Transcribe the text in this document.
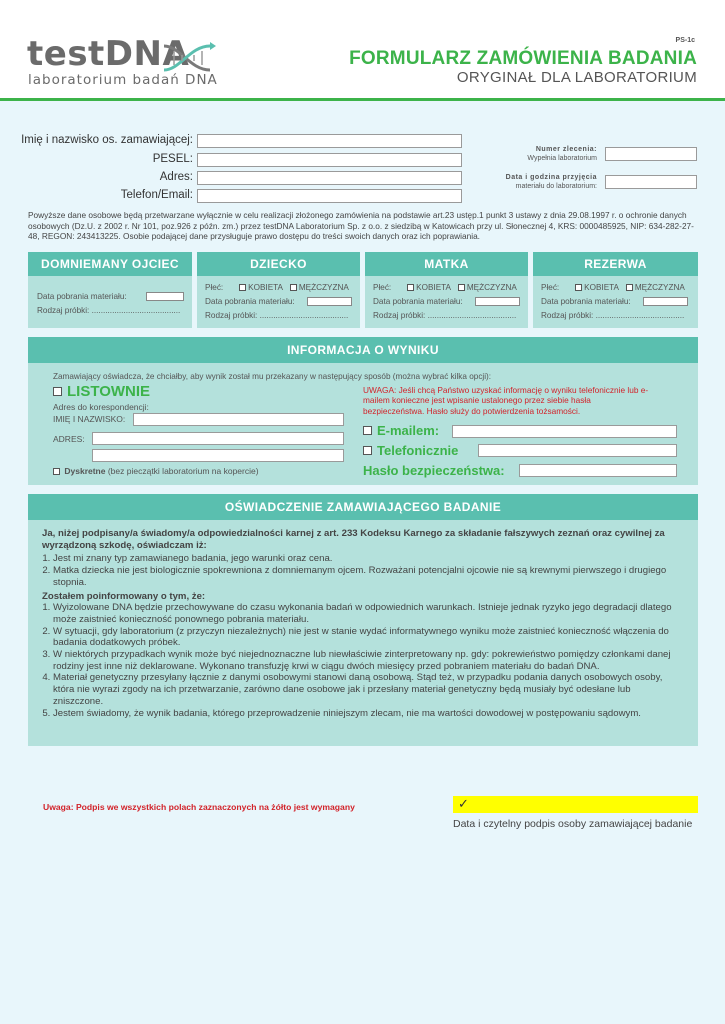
testDNA
laboratorium badań DNA
PS-1c
FORMULARZ ZAMÓWIENIA BADANIA
ORYGINAŁ DLA LABORATORIUM
Imię i nazwisko os. zamawiającej:
PESEL:
Adres:
Telefon/Email:
Numer zlecenia:
Wypełnia laboratorium
Data i godzina przyjęcia
materiału do laboratorium:
Powyższe dane osobowe będą przetwarzane wyłącznie w celu realizacji złożonego zamówienia na podstawie art.23 ustęp.1 punkt 3 ustawy z dnia 29.08.1997 r. o ochronie danych osobowych (Dz.U. z 2002 r. Nr 101, poz.926 z późn. zm.) przez testDNA Laboratorium Sp. z o.o. z siedzibą w Katowicach przy ul. Słonecznej 4, KRS: 0000485925, NIP: 634-282-27-48, REGON: 243413225. Osobie podającej dane przysługuje prawo dostępu do treści swoich danych oraz ich poprawiania.
DOMNIEMANY OJCIEC
Data pobrania materiału:
Rodzaj próbki: .......................................
DZIECKO
Płeć:	KOBIETA MĘŻCZYZNA
Data pobrania materiału:
Rodzaj próbki: .......................................
MATKA
Płeć:	KOBIETA MĘŻCZYZNA
Data pobrania materiału:
Rodzaj próbki: .......................................
REZERWA
Płeć:	KOBIETA MĘŻCZYZNA
Data pobrania materiału:
Rodzaj próbki: .......................................
INFORMACJA O WYNIKU
Zamawiający oświadcza, że chciałby, aby wynik został mu przekazany w następujący sposób (można wybrać kilka opcji):
LISTOWNIE
Adres do korespondencji:
IMIĘ I NAZWISKO:
ADRES:
Dyskretne (bez pieczątki laboratorium na kopercie)
UWAGA: Jeśli chcą Państwo uzyskać informację o wyniku telefonicznie lub e-mailem konieczne jest wpisanie ustalonego przez siebie hasła bezpieczeństwa. Hasło służy do potwierdzenia tożsamości.
E-mailem:
Telefonicznie
Hasło bezpieczeństwa:
OŚWIADCZENIE ZAMAWIAJĄCEGO BADANIE
Ja, niżej podpisany/a świadomy/a odpowiedzialności karnej z art. 233 Kodeksu Karnego za składanie fałszywych zeznań oraz cywilnej za wyrządzoną szkodę, oświadczam iż:
1. Jest mi znany typ zamawianego badania, jego warunki oraz cena.
2. Matka dziecka nie jest biologicznie spokrewniona z domniemanym ojcem. Rozważani potencjalni ojcowie nie są krewnymi pierwszego i drugiego stopnia.
Zostałem poinformowany o tym, że:
1. Wyizolowane DNA będzie przechowywane do czasu wykonania badań w odpowiednich warunkach. Istnieje jednak ryzyko jego degradacji dlatego może zaistnieć konieczność ponownego pobrania materiału.
2. W sytuacji, gdy laboratorium (z przyczyn niezależnych) nie jest w stanie wydać informatywnego wyniku może zaistnieć konieczność włączenia do badania dodatkowych próbek.
3. W niektórych przypadkach wynik może być niejednoznaczne lub niewłaściwie zinterpretowany np. gdy: pokrewieństwo pomiędzy członkami danej rodziny jest inne niż deklarowane. Wykonano transfuzję krwi w ciągu dwóch miesięcy przed pobraniem materiału do badań DNA.
4. Materiał genetyczny przesyłany łącznie z danymi osobowymi stanowi daną osobową. Stąd też, w przypadku podania danych osobowych osoby, która nie wyrazi zgody na ich przetwarzanie, zarówno dane osobowe jak i przesłany materiał genetyczny będą musiały być odesłane lub zniszczone.
5. Jestem świadomy, że wynik badania, którego przeprowadzenie niniejszym zlecam, nie ma wartości dowodowej w postępowaniu sądowym.
Uwaga: Podpis we wszystkich polach zaznaczonych na żółto jest wymagany	✓
Data i czytelny podpis osoby zamawiającej badanie
